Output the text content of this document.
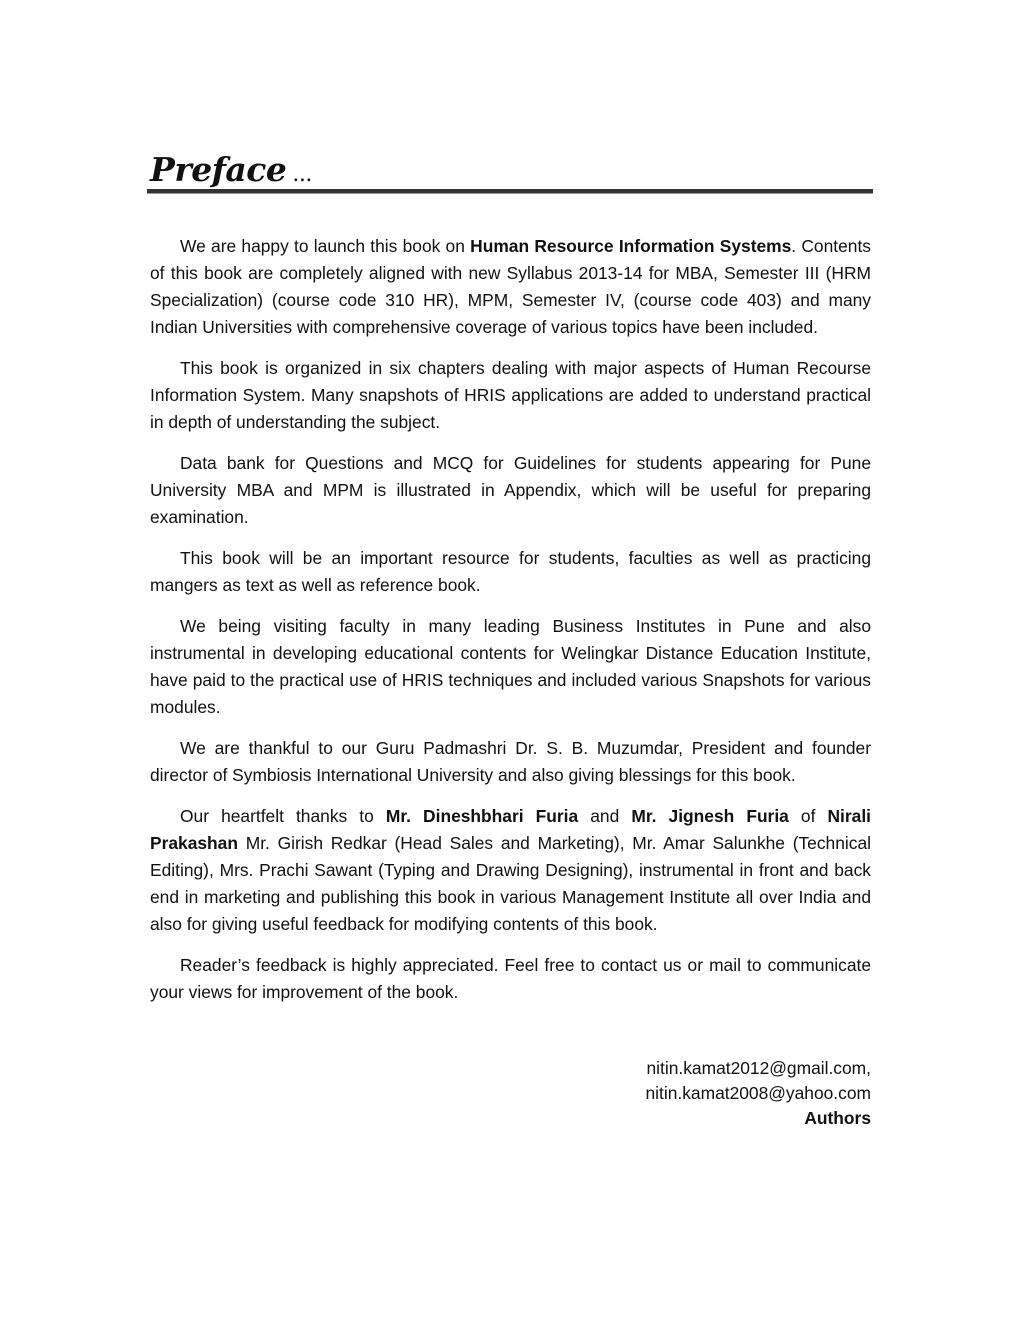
Preface ...

We are happy to launch this book on Human Resource Information Systems. Contents of this book are completely aligned with new Syllabus 2013-14 for MBA, Semester III (HRM Specialization) (course code 310 HR), MPM, Semester IV, (course code 403) and many Indian Universities with comprehensive coverage of various topics have been included.

This book is organized in six chapters dealing with major aspects of Human Recourse Information System. Many snapshots of HRIS applications are added to understand practical in depth of understanding the subject.

Data bank for Questions and MCQ for Guidelines for students appearing for Pune University MBA and MPM is illustrated in Appendix, which will be useful for preparing examination.

This book will be an important resource for students, faculties as well as practicing mangers as text as well as reference book.

We being visiting faculty in many leading Business Institutes in Pune and also instrumental in developing educational contents for Welingkar Distance Education Institute, have paid to the practical use of HRIS techniques and included various Snapshots for various modules.

We are thankful to our Guru Padmashri Dr. S. B. Muzumdar, President and founder director of Symbiosis International University and also giving blessings for this book.

Our heartfelt thanks to Mr. Dineshbhari Furia and Mr. Jignesh Furia of Nirali Prakashan Mr. Girish Redkar (Head Sales and Marketing), Mr. Amar Salunkhe (Technical Editing), Mrs. Prachi Sawant (Typing and Drawing Designing), instrumental in front and back end in marketing and publishing this book in various Management Institute all over India and also for giving useful feedback for modifying contents of this book.

Reader’s feedback is highly appreciated. Feel free to contact us or mail to communicate your views for improvement of the book.

nitin.kamat2012@gmail.com,
nitin.kamat2008@yahoo.com
Authors
